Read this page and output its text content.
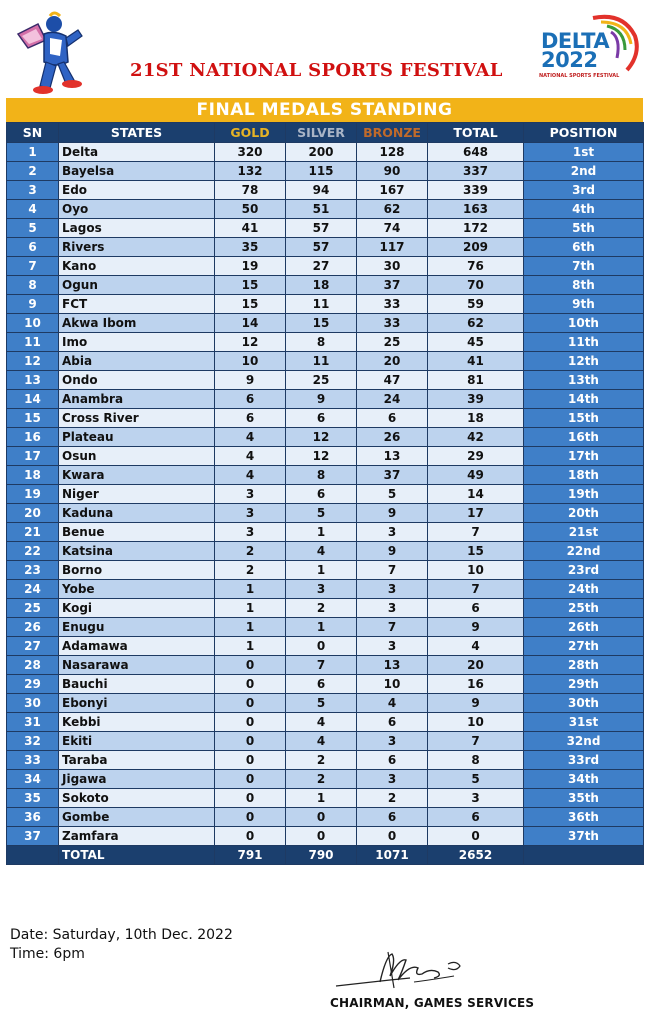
21ST NATIONAL SPORTS FESTIVAL
DELTA
2022
NATIONAL SPORTS FESTIVAL
FINAL MEDALS STANDING
SN	STATES	GOLD	SILVER	BRONZE	TOTAL	POSITION
1	Delta	320	200	128	648	1st
2	Bayelsa	132	115	90	337	2nd
3	Edo	78	94	167	339	3rd
4	Oyo	50	51	62	163	4th
5	Lagos	41	57	74	172	5th
6	Rivers	35	57	117	209	6th
7	Kano	19	27	30	76	7th
8	Ogun	15	18	37	70	8th
9	FCT	15	11	33	59	9th
10	Akwa Ibom	14	15	33	62	10th
11	Imo	12	8	25	45	11th
12	Abia	10	11	20	41	12th
13	Ondo	9	25	47	81	13th
14	Anambra	6	9	24	39	14th
15	Cross River	6	6	6	18	15th
16	Plateau	4	12	26	42	16th
17	Osun	4	12	13	29	17th
18	Kwara	4	8	37	49	18th
19	Niger	3	6	5	14	19th
20	Kaduna	3	5	9	17	20th
21	Benue	3	1	3	7	21st
22	Katsina	2	4	9	15	22nd
23	Borno	2	1	7	10	23rd
24	Yobe	1	3	3	7	24th
25	Kogi	1	2	3	6	25th
26	Enugu	1	1	7	9	26th
27	Adamawa	1	0	3	4	27th
28	Nasarawa	0	7	13	20	28th
29	Bauchi	0	6	10	16	29th
30	Ebonyi	0	5	4	9	30th
31	Kebbi	0	4	6	10	31st
32	Ekiti	0	4	3	7	32nd
33	Taraba	0	2	6	8	33rd
34	Jigawa	0	2	3	5	34th
35	Sokoto	0	1	2	3	35th
36	Gombe	0	0	6	6	36th
37	Zamfara	0	0	0	0	37th
	TOTAL	791	790	1071	2652	
Date: Saturday, 10th Dec. 2022
Time: 6pm
CHAIRMAN, GAMES SERVICES
